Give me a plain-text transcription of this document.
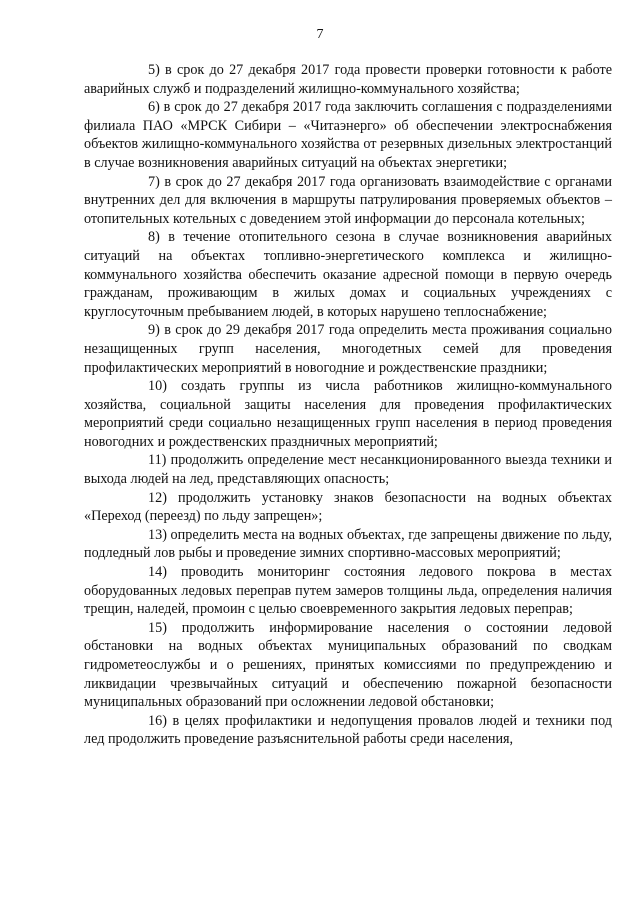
7

5) в срок до 27 декабря 2017 года провести проверки готовности к работе аварийных служб и подразделений жилищно-коммунального хозяйства;

6) в срок до 27 декабря 2017 года заключить соглашения с подразделениями филиала ПАО «МРСК Сибири – «Читаэнерго» об обеспечении электроснабжения объектов жилищно-коммунального хозяйства от резервных дизельных электростанций в случае возникновения аварийных ситуаций на объектах энергетики;

7) в срок до 27 декабря 2017 года организовать взаимодействие с органами внутренних дел для включения в маршруты патрулирования проверяемых объектов – отопительных котельных с доведением этой информации до персонала котельных;

8) в течение отопительного сезона в случае возникновения аварийных ситуаций на объектах топливно-энергетического комплекса и жилищно-коммунального хозяйства обеспечить оказание адресной помощи в первую очередь гражданам, проживающим в жилых домах и социальных учреждениях с круглосуточным пребыванием людей, в которых нарушено теплоснабжение;

9) в срок до 29 декабря 2017 года определить места проживания социально незащищенных групп населения, многодетных семей для проведения профилактических мероприятий в новогодние и рождественские праздники;

10) создать группы из числа работников жилищно-коммунального хозяйства, социальной защиты населения для проведения профилактических мероприятий среди социально незащищенных групп населения в период проведения новогодних и рождественских праздничных мероприятий;

11) продолжить определение мест несанкционированного выезда техники и выхода людей на лед, представляющих опасность;

12) продолжить установку знаков безопасности на водных объектах «Переход (переезд) по льду запрещен»;

13) определить места на водных объектах, где запрещены движение по льду, подледный лов рыбы и проведение зимних спортивно-массовых мероприятий;

14) проводить мониторинг состояния ледового покрова в местах оборудованных ледовых переправ путем замеров толщины льда, определения наличия трещин, наледей, промоин с целью своевременного закрытия ледовых переправ;

15) продолжить информирование населения о состоянии ледовой обстановки на водных объектах муниципальных образований по сводкам гидрометеослужбы и о решениях, принятых комиссиями по предупреждению и ликвидации чрезвычайных ситуаций и обеспечению пожарной безопасности муниципальных образований при осложнении ледовой обстановки;

16) в целях профилактики и недопущения провалов людей и техники под лед продолжить проведение разъяснительной работы среди населения,
